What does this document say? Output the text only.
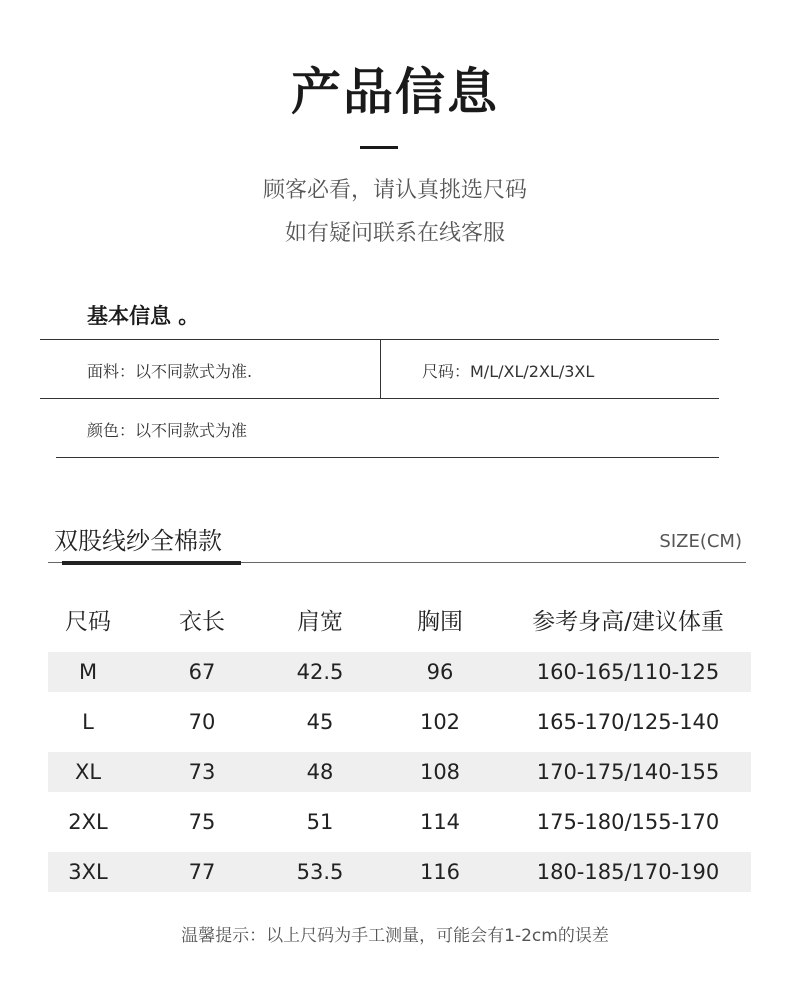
产品信息
顾客必看，请认真挑选尺码
如有疑问联系在线客服
基本信息 。
面料：以不同款式为准.	尺码：M/L/XL/2XL/3XL
颜色：以不同款式为准
双股线纱全棉款	SIZE(CM)
尺码	衣长	肩宽	胸围	参考身高/建议体重
M	67	42.5	96	160-165/110-125
L	70	45	102	165-170/125-140
XL	73	48	108	170-175/140-155
2XL	75	51	114	175-180/155-170
3XL	77	53.5	116	180-185/170-190
温馨提示：以上尺码为手工测量，可能会有1-2cm的误差
